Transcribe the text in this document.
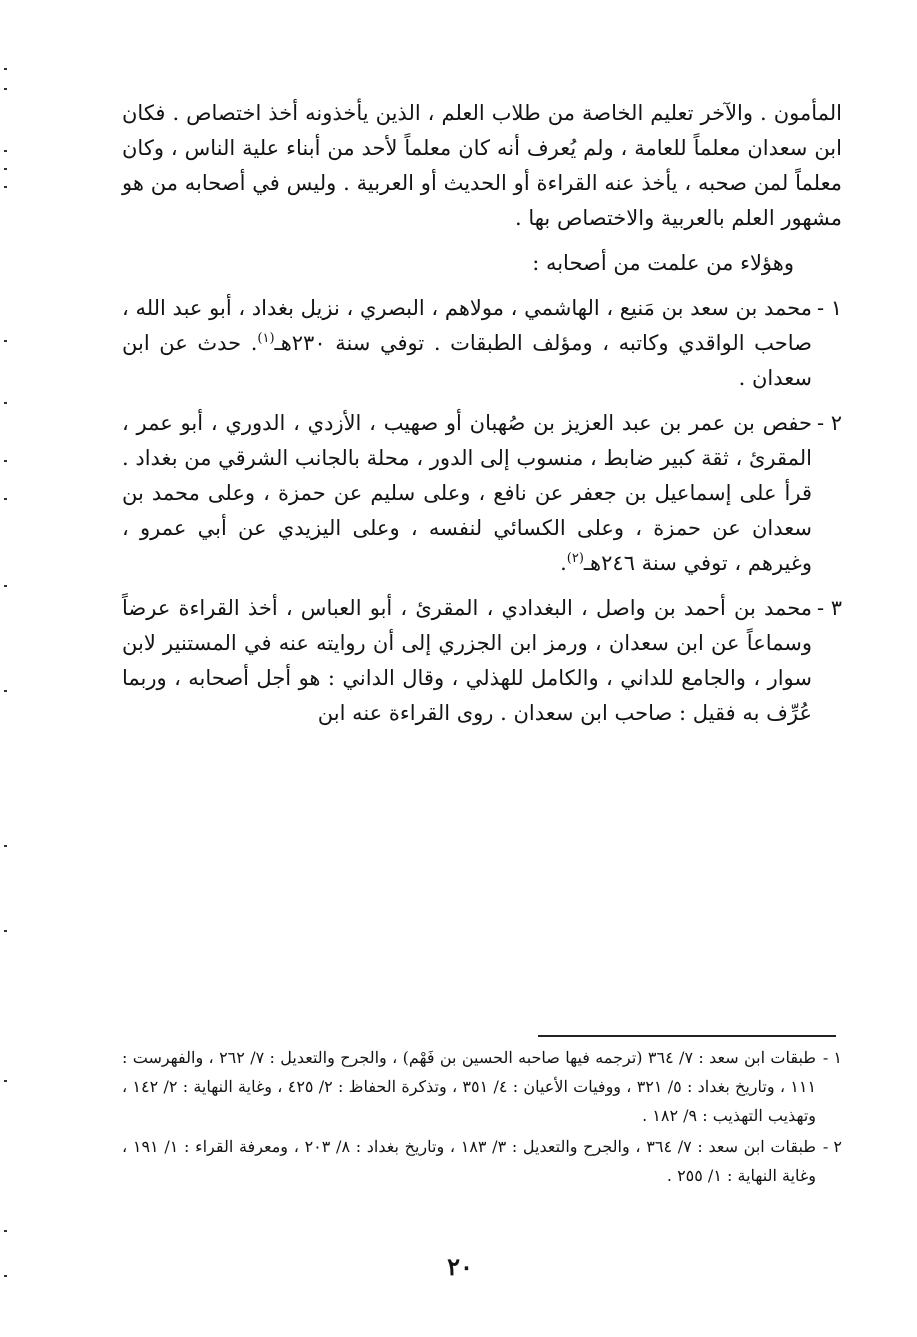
المأمون . والآخر تعليم الخاصة من طلاب العلم ، الذين يأخذونه أخذ اختصاص . فكان ابن سعدان معلماً للعامة ، ولم يُعرف أنه كان معلماً لأحد من أبناء علية الناس ، وكان معلماً لمن صحبه ، يأخذ عنه القراءة أو الحديث أو العربية . وليس في أصحابه من هو مشهور العلم بالعربية والاختصاص بها .

وهؤلاء من علمت من أصحابه :

١ -
محمد بن سعد بن مَنيع ، الهاشمي ، مولاهم ، البصري ، نزيل بغداد ، أبو عبد الله ، صاحب الواقدي وكاتبه ، ومؤلف الطبقات . توفي سنة ٢٣٠هـ$^{(١)}$. حدث عن ابن سعدان .
٢ -
حفص بن عمر بن عبد العزيز بن صُهبان أو صهيب ، الأزدي ، الدوري ، أبو عمر ، المقرئ ، ثقة كبير ضابط ، منسوب إلى الدور ، محلة بالجانب الشرقي من بغداد . قرأ على إسماعيل بن جعفر عن نافع ، وعلى سليم عن حمزة ، وعلى محمد بن سعدان عن حمزة ، وعلى الكسائي لنفسه ، وعلى اليزيدي عن أبي عمرو ، وغيرهم ، توفي سنة ٢٤٦هـ$^{(٢)}$.
٣ -
محمد بن أحمد بن واصل ، البغدادي ، المقرئ ، أبو العباس ، أخذ القراءة عرضاً وسماعاً عن ابن سعدان ، ورمز ابن الجزري إلى أن روايته عنه في المستنير لابن سوار ، والجامع للداني ، والكامل للهذلي ، وقال الداني : هو أجل أصحابه ، وربما عُرِّف به فقيل : صاحب ابن سعدان . روى القراءة عنه ابن

١ -
طبقات ابن سعد : ٧/ ٣٦٤ (ترجمه فيها صاحبه الحسين بن فَهْم) ، والجرح والتعديل : ٧/ ٢٦٢ ، والفهرست : ١١١ ، وتاريخ بغداد : ٥/ ٣٢١ ، ووفيات الأعيان : ٤/ ٣٥١ ، وتذكرة الحفاظ : ٢/ ٤٢٥ ، وغاية النهاية : ٢/ ١٤٢ ، وتهذيب التهذيب : ٩/ ١٨٢ .

٢ -
طبقات ابن سعد : ٧/ ٣٦٤ ، والجرح والتعديل : ٣/ ١٨٣ ، وتاريخ بغداد : ٨/ ٢٠٣ ، ومعرفة القراء : ١/ ١٩١ ، وغاية النهاية : ١/ ٢٥٥ .

٢٠
